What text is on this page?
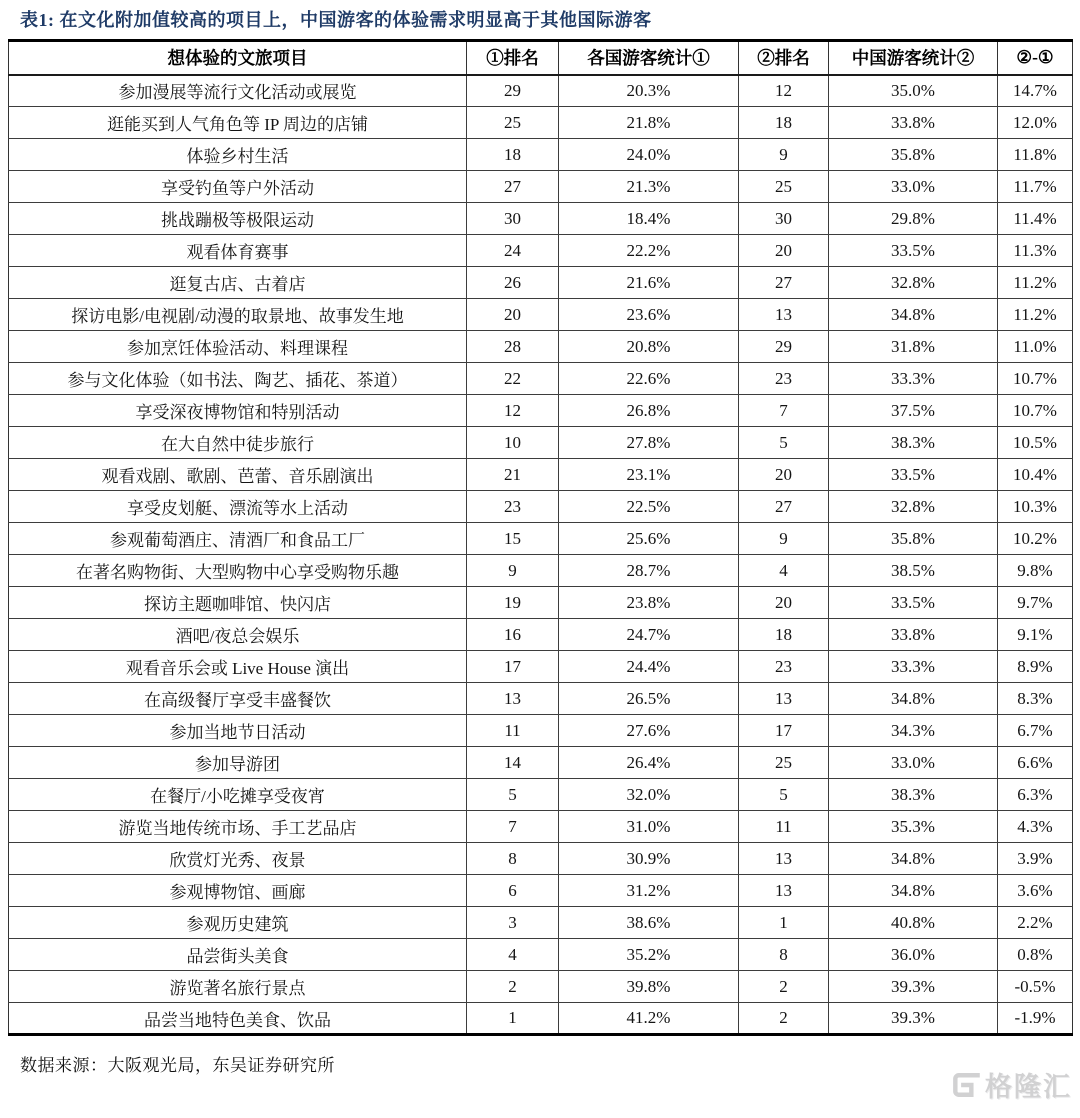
表1: 在文化附加值较高的项目上，中国游客的体验需求明显高于其他国际游客
想体验的文旅项目	①排名	各国游客统计①	②排名	中国游客统计②	②-①
参加漫展等流行文化活动或展览	29	20.3%	12	35.0%	14.7%
逛能买到人气角色等 IP 周边的店铺	25	21.8%	18	33.8%	12.0%
体验乡村生活	18	24.0%	9	35.8%	11.8%
享受钓鱼等户外活动	27	21.3%	25	33.0%	11.7%
挑战蹦极等极限运动	30	18.4%	30	29.8%	11.4%
观看体育赛事	24	22.2%	20	33.5%	11.3%
逛复古店、古着店	26	21.6%	27	32.8%	11.2%
探访电影/电视剧/动漫的取景地、故事发生地	20	23.6%	13	34.8%	11.2%
参加烹饪体验活动、料理课程	28	20.8%	29	31.8%	11.0%
参与文化体验（如书法、陶艺、插花、茶道）	22	22.6%	23	33.3%	10.7%
享受深夜博物馆和特别活动	12	26.8%	7	37.5%	10.7%
在大自然中徒步旅行	10	27.8%	5	38.3%	10.5%
观看戏剧、歌剧、芭蕾、音乐剧演出	21	23.1%	20	33.5%	10.4%
享受皮划艇、漂流等水上活动	23	22.5%	27	32.8%	10.3%
参观葡萄酒庄、清酒厂和食品工厂	15	25.6%	9	35.8%	10.2%
在著名购物街、大型购物中心享受购物乐趣	9	28.7%	4	38.5%	9.8%
探访主题咖啡馆、快闪店	19	23.8%	20	33.5%	9.7%
酒吧/夜总会娱乐	16	24.7%	18	33.8%	9.1%
观看音乐会或 Live House 演出	17	24.4%	23	33.3%	8.9%
在高级餐厅享受丰盛餐饮	13	26.5%	13	34.8%	8.3%
参加当地节日活动	11	27.6%	17	34.3%	6.7%
参加导游团	14	26.4%	25	33.0%	6.6%
在餐厅/小吃摊享受夜宵	5	32.0%	5	38.3%	6.3%
游览当地传统市场、手工艺品店	7	31.0%	11	35.3%	4.3%
欣赏灯光秀、夜景	8	30.9%	13	34.8%	3.9%
参观博物馆、画廊	6	31.2%	13	34.8%	3.6%
参观历史建筑	3	38.6%	1	40.8%	2.2%
品尝街头美食	4	35.2%	8	36.0%	0.8%
游览著名旅行景点	2	39.8%	2	39.3%	-0.5%
品尝当地特色美食、饮品	1	41.2%	2	39.3%	-1.9%
数据来源：大阪观光局，东吴证券研究所
格隆汇
